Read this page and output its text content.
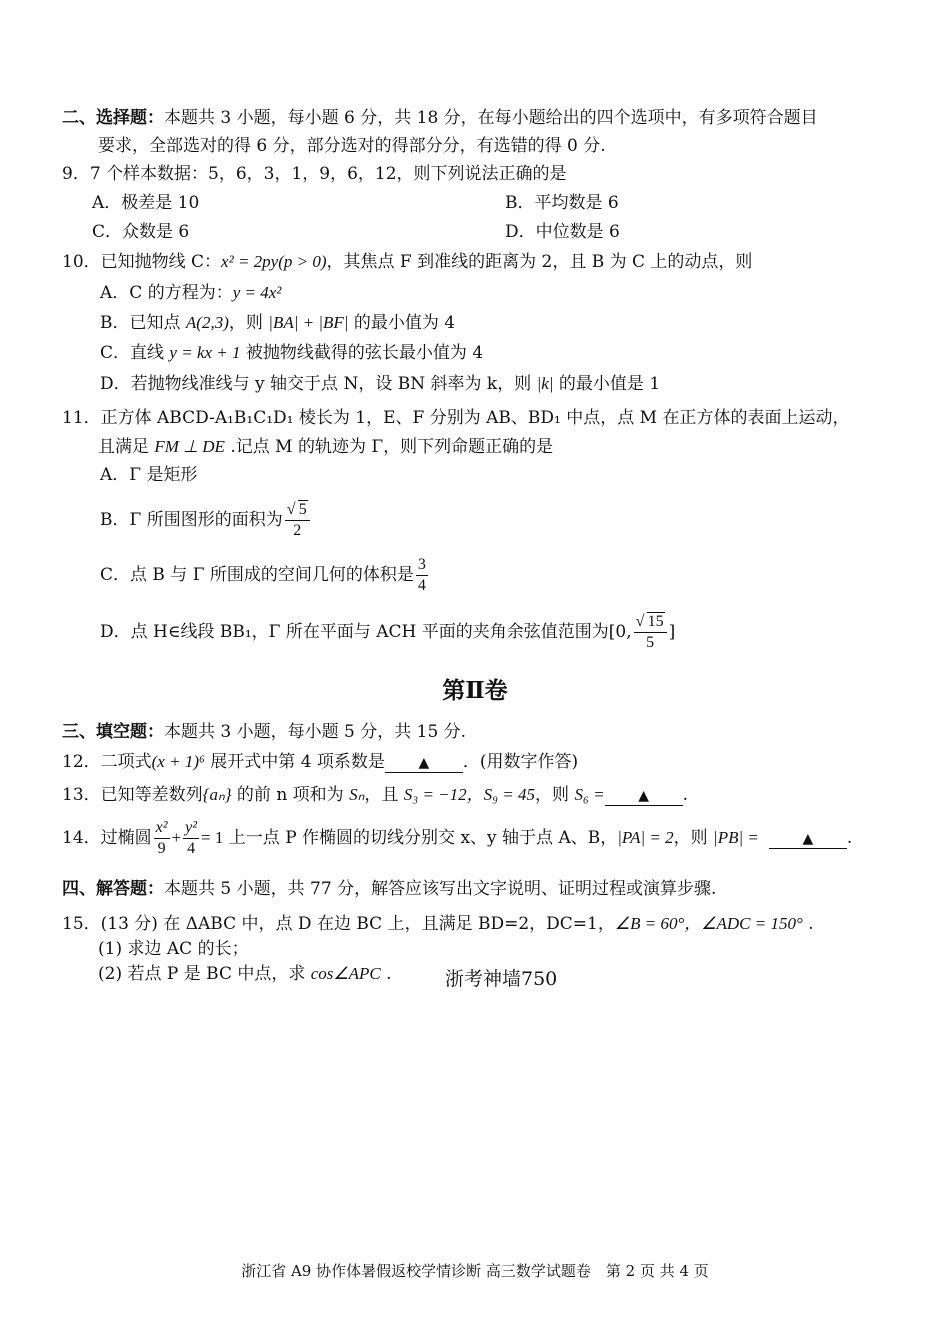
二、选择题：本题共 3 小题，每小题 6 分，共 18 分，在每小题给出的四个选项中，有多项符合题目
要求，全部选对的得 6 分，部分选对的得部分分，有选错的得 0 分.
9．7 个样本数据：5，6，3，1，9，6，12，则下列说法正确的是
A．极差是 10	B．平均数是 6
C．众数是 6	D．中位数是 6
10．已知抛物线 C：x² = 2py(p > 0)，其焦点 F 到准线的距离为 2，且 B 为 C 上的动点，则
A．C 的方程为：y = 4x²
B．已知点 A(2,3)，则 |BA| + |BF| 的最小值为 4
C．直线 y = kx + 1 被抛物线截得的弦长最小值为 4
D．若抛物线准线与 y 轴交于点 N，设 BN 斜率为 k，则 |k| 的最小值是 1
11．正方体 ABCD-A₁B₁C₁D₁ 棱长为 1，E、F 分别为 AB、BD₁ 中点，点 M 在正方体的表面上运动，
且满足 FM ⊥ DE .记点 M 的轨迹为 Γ，则下列命题正确的是
A．Γ 是矩形
B．Γ 所围图形的面积为 √ $\frac{5}{2}$
C．点 B 与 Γ 所围成的空间几何的体积是 $\frac{3}{4}$
D．点 H∈线段 BB₁，Γ 所在平面与 ACH 平面的夹角余弦值范围为[0, √ $\frac{15}{5}$ ]
第Ⅱ卷
三、填空题：本题共 3 小题，每小题 5 分，共 15 分.
12．二项式(x + 1)⁶ 展开式中第 4 项系数是 ▲ ．(用数字作答)
13．已知等差数列{aₙ} 的前 n 项和为 Sₙ，且 S₃ = −12，S₉ = 45，则 S₆ = ▲ .
14．过椭圆 $\frac{\text{x²}}{9} + \frac{\text{y²}}{4} = 1$ 上一点 P 作椭圆的切线分别交 x、y 轴于点 A、B，|PA| = 2，则 |PB| =	▲ .
四、解答题：本题共 5 小题，共 77 分，解答应该写出文字说明、证明过程或演算步骤.
15．(13 分) 在 ΔABC 中，点 D 在边 BC 上，且满足 BD=2，DC=1，∠B = 60°，∠ADC = 150° .
(1) 求边 AC 的长；
(2) 若点 P 是 BC 中点，求 cos∠APC .	浙考神墙750
浙江省 A9 协作体暑假返校学情诊断 高三数学试题卷　第 2 页 共 4 页
